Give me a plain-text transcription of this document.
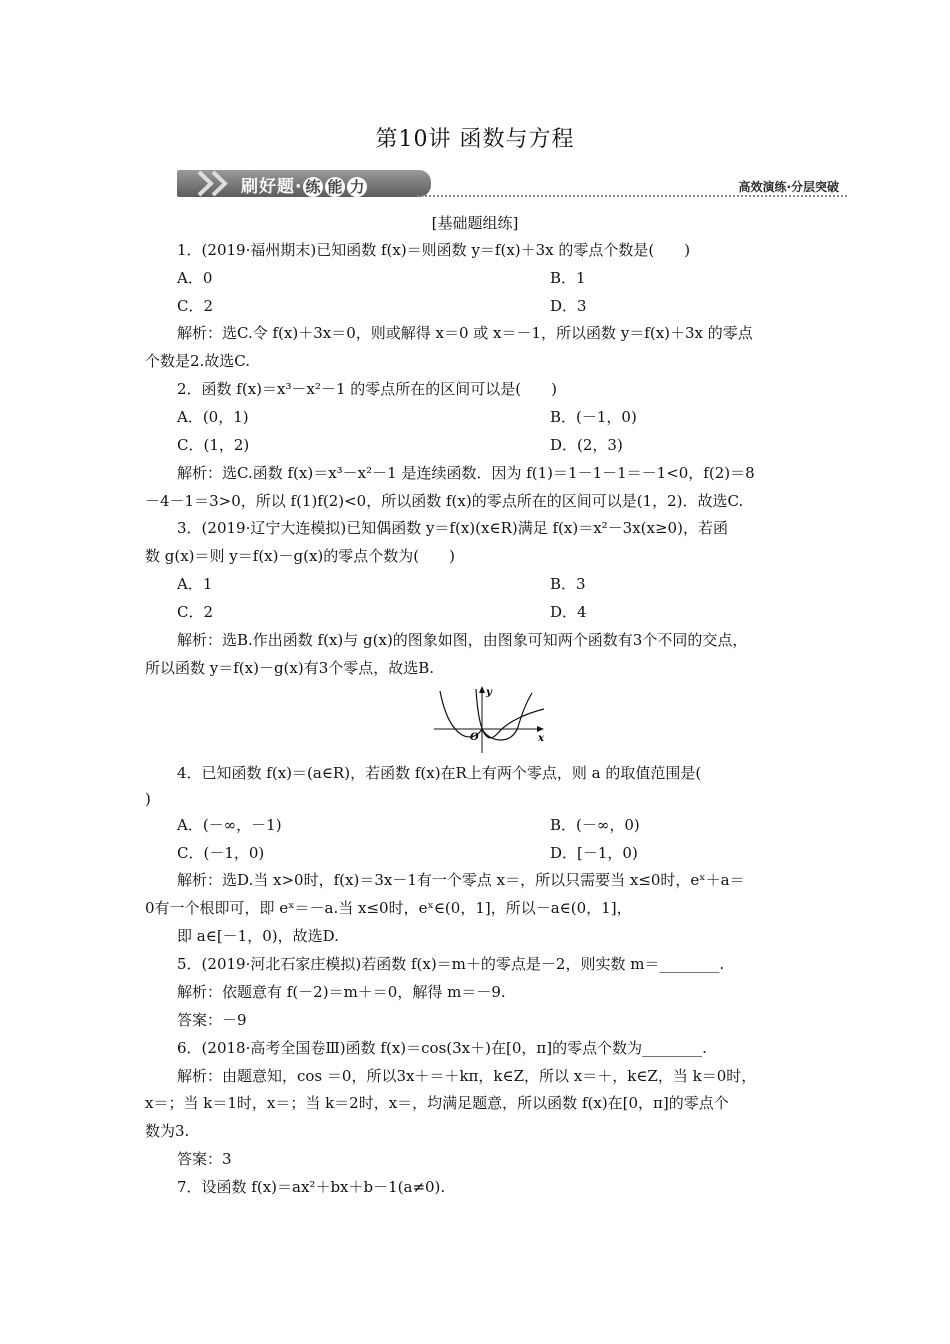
第10讲 函数与方程
刷好题· 练 能 力	高效演练·分层突破
[基础题组练]
1．(2019·福州期末)已知函数 f(x)＝则函数 y＝f(x)＋3x 的零点个数是(　　)
A．0	B．1
C．2	D．3
解析：选C.令 f(x)＋3x＝0，则或解得 x＝0 或 x＝－1，所以函数 y＝f(x)＋3x 的零点
个数是2.故选C.
2．函数 f(x)＝x³－x²－1 的零点所在的区间可以是(　　)
A．(0，1)	B．(－1，0)
C．(1，2)	D．(2，3)
解析：选C.函数 f(x)＝x³－x²－1 是连续函数．因为 f(1)＝1－1－1＝－1<0，f(2)＝8
－4－1＝3>0，所以 f(1)f(2)<0，所以函数 f(x)的零点所在的区间可以是(1，2)．故选C.
3．(2019·辽宁大连模拟)已知偶函数 y＝f(x)(x∈R)满足 f(x)＝x²－3x(x≥0)，若函
数 g(x)＝则 y＝f(x)－g(x)的零点个数为(　　)
A．1	B．3
C．2	D．4
解析：选B.作出函数 f(x)与 g(x)的图象如图，由图象可知两个函数有3个不同的交点，
所以函数 y＝f(x)－g(x)有3个零点，故选B.
y
x
O
4．已知函数 f(x)＝(a∈R)，若函数 f(x)在R上有两个零点，则 a 的取值范围是(
)
A．(－∞，－1)	B．(－∞，0)
C．(－1，0)	D．[－1，0)
解析：选D.当 x>0时，f(x)＝3x－1有一个零点 x＝，所以只需要当 x≤0时，eˣ＋a＝
0有一个根即可，即 eˣ＝－a.当 x≤0时，eˣ∈(0，1]，所以－a∈(0，1]，
即 a∈[－1，0)，故选D.
5．(2019·河北石家庄模拟)若函数 f(x)＝m＋的零点是－2，则实数 m＝________.
解析：依题意有 f(－2)＝m＋＝0，解得 m＝－9.
答案：－9
6．(2018·高考全国卷Ⅲ)函数 f(x)＝cos(3x＋)在[0，π]的零点个数为________.
解析：由题意知，cos ＝0，所以3x＋＝＋kπ，k∈Z，所以 x＝＋，k∈Z，当 k＝0时，
x＝；当 k＝1时，x＝；当 k＝2时，x＝，均满足题意，所以函数 f(x)在[0，π]的零点个
数为3.
答案：3
7．设函数 f(x)＝ax²＋bx＋b－1(a≠0).
